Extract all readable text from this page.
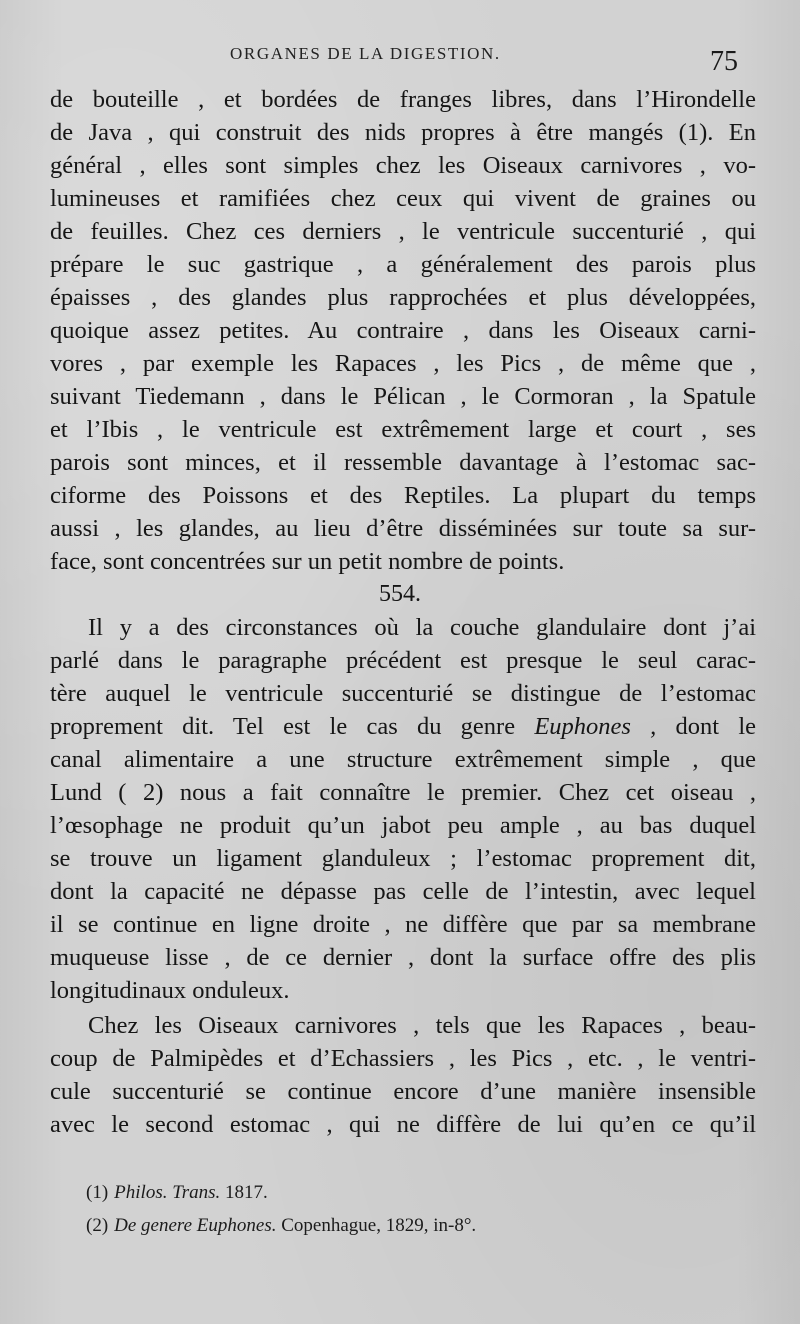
ORGANES DE LA DIGESTION.	75
de bouteille , et bordées de franges libres, dans l’Hirondelle
de Java , qui construit des nids propres à être mangés (1). En
général , elles sont simples chez les Oiseaux carnivores , vo-
lumineuses et ramifiées chez ceux qui vivent de graines ou
de feuilles. Chez ces derniers , le ventricule succenturié , qui
prépare le suc gastrique , a généralement des parois plus
épaisses , des glandes plus rapprochées et plus développées,
quoique assez petites. Au contraire , dans les Oiseaux carni-
vores , par exemple les Rapaces , les Pics , de même que ,
suivant Tiedemann , dans le Pélican , le Cormoran , la Spatule
et l’Ibis , le ventricule est extrêmement large et court , ses
parois sont minces, et il ressemble davantage à l’estomac sac-
ciforme des Poissons et des Reptiles. La plupart du temps
aussi , les glandes, au lieu d’être disséminées sur toute sa sur-
face, sont concentrées sur un petit nombre de points.
554.
Il y a des circonstances où la couche glandulaire dont j’ai
parlé dans le paragraphe précédent est presque le seul carac-
tère auquel le ventricule succenturié se distingue de l’estomac
proprement dit. Tel est le cas du genre Euphones , dont le
canal alimentaire a une structure extrêmement simple , que
Lund ( 2) nous a fait connaître le premier. Chez cet oiseau ,
l’œsophage ne produit qu’un jabot peu ample , au bas duquel
se trouve un ligament glanduleux ; l’estomac proprement dit,
dont la capacité ne dépasse pas celle de l’intestin, avec lequel
il se continue en ligne droite , ne diffère que par sa membrane
muqueuse lisse , de ce dernier , dont la surface offre des plis
longitudinaux onduleux.
Chez les Oiseaux carnivores , tels que les Rapaces , beau-
coup de Palmipèdes et d’Echassiers , les Pics , etc. , le ventri-
cule succenturié se continue encore d’une manière insensible
avec le second estomac , qui ne diffère de lui qu’en ce qu’il
(1) Philos. Trans. 1817.
(2) De genere Euphones. Copenhague, 1829, in-8°.
